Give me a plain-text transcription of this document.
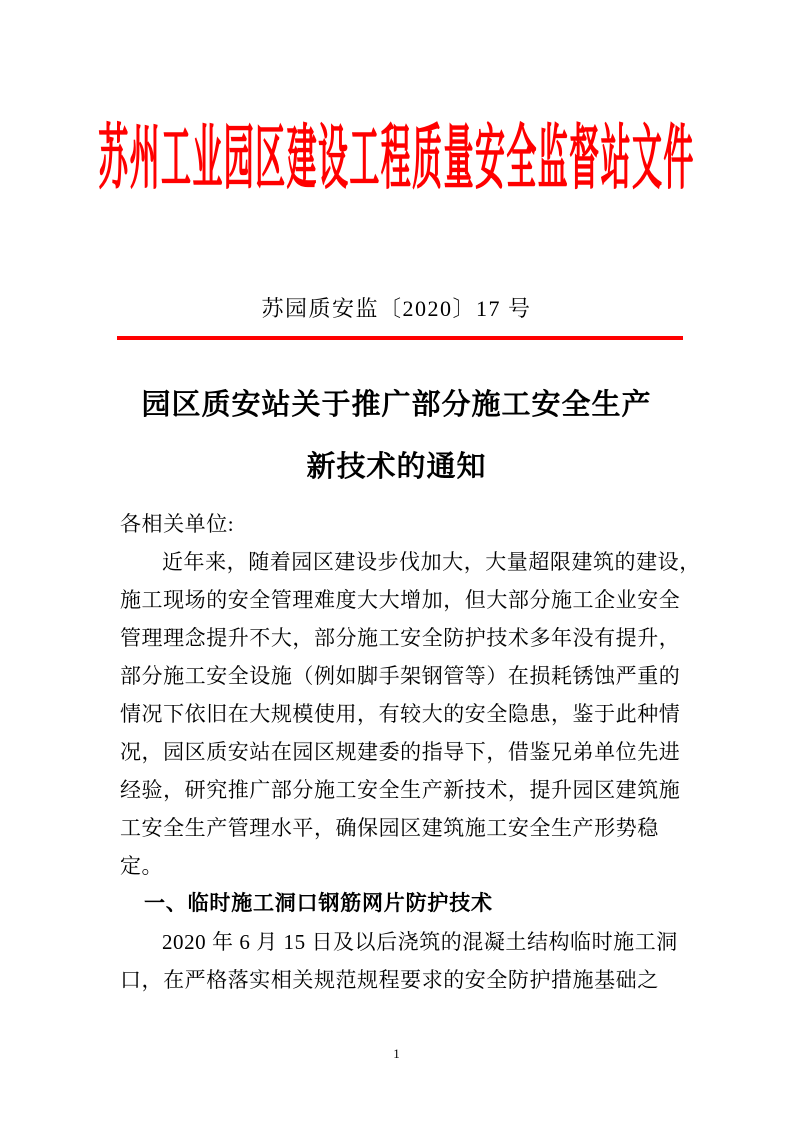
苏州工业园区建设工程质量安全监督站文件
苏园质安监〔2020〕17 号
园区质安站关于推广部分施工安全生产
新技术的通知
各相关单位:
近年来，随着园区建设步伐加大，大量超限建筑的建设，
施工现场的安全管理难度大大增加，但大部分施工企业安全
管理理念提升不大，部分施工安全防护技术多年没有提升，
部分施工安全设施（例如脚手架钢管等）在损耗锈蚀严重的
情况下依旧在大规模使用，有较大的安全隐患，鉴于此种情
况，园区质安站在园区规建委的指导下，借鉴兄弟单位先进
经验，研究推广部分施工安全生产新技术，提升园区建筑施
工安全生产管理水平，确保园区建筑施工安全生产形势稳
定。
一、临时施工洞口钢筋网片防护技术
2020 年 6 月 15 日及以后浇筑的混凝土结构临时施工洞
口，在严格落实相关规范规程要求的安全防护措施基础之
1
